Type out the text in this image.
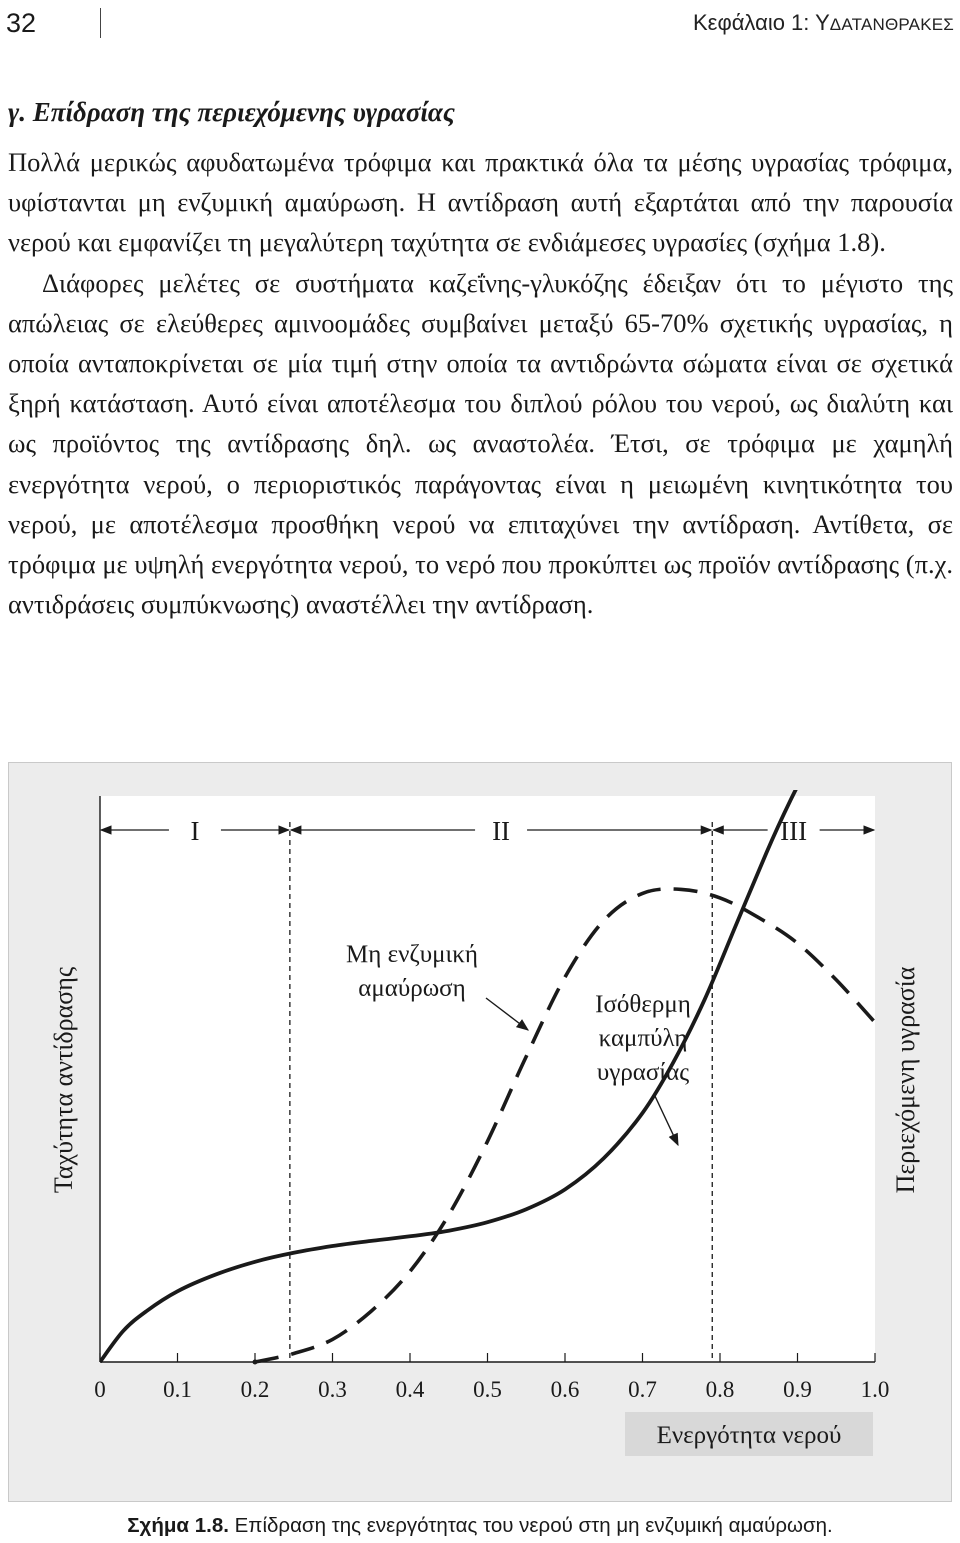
32	Κεφάλαιο 1: ΥΔΑΤΑΝΘΡΑΚΕΣ
γ. Επίδραση της περιεχόμενης υγρασίας

Πολλά μερικώς αφυδατωμένα τρόφιμα και πρακτικά όλα τα μέσης υγρασίας τρόφιμα, υφίστανται μη ενζυμική αμαύρωση. Η αντίδραση αυτή εξαρτάται από την παρουσία νερού και εμφανίζει τη μεγαλύτερη ταχύτητα σε ενδιάμεσες υγρασίες (σχήμα 1.8).

Διάφορες μελέτες σε συστήματα καζεΐνης-γλυκόζης έδειξαν ότι το μέγιστο της απώλειας σε ελεύθερες αμινοομάδες συμβαίνει μεταξύ 65-70% σχετικής υγρασίας, η οποία ανταποκρίνεται σε μία τιμή στην οποία τα αντιδρώντα σώματα είναι σε σχετικά ξηρή κατάσταση. Αυτό είναι αποτέλεσμα του διπλού ρόλου του νερού, ως διαλύτη και ως προϊόντος της αντίδρασης δηλ. ως αναστολέα. Έτσι, σε τρόφιμα με χαμηλή ενεργότητα νερού, ο περιοριστικός παράγοντας είναι η μειωμένη κινητικότητα του νερού, με αποτέλεσμα προσθήκη νερού να επιταχύνει την αντίδραση. Αντίθετα, σε τρόφιμα με υψηλή ενεργότητα νερού, το νερό που προκύπτει ως προϊόν αντίδρασης (π.χ. αντιδράσεις συμπύκνωσης) αναστέλλει την αντίδραση.

0 0.1 0.2 0.3 0.4 0.5 0.6 0.7 0.8 0.9 1.0
I	II	III
Μη ενζυμική αμαύρωση
Ισόθερμη καμπύλη υγρασίας
Ταχύτητα αντίδρασης	Περιεχόμενη υγρασία
Ενεργότητα νερού
Σχήμα 1.8. Επίδραση της ενεργότητας του νερού στη μη ενζυμική αμαύρωση.
